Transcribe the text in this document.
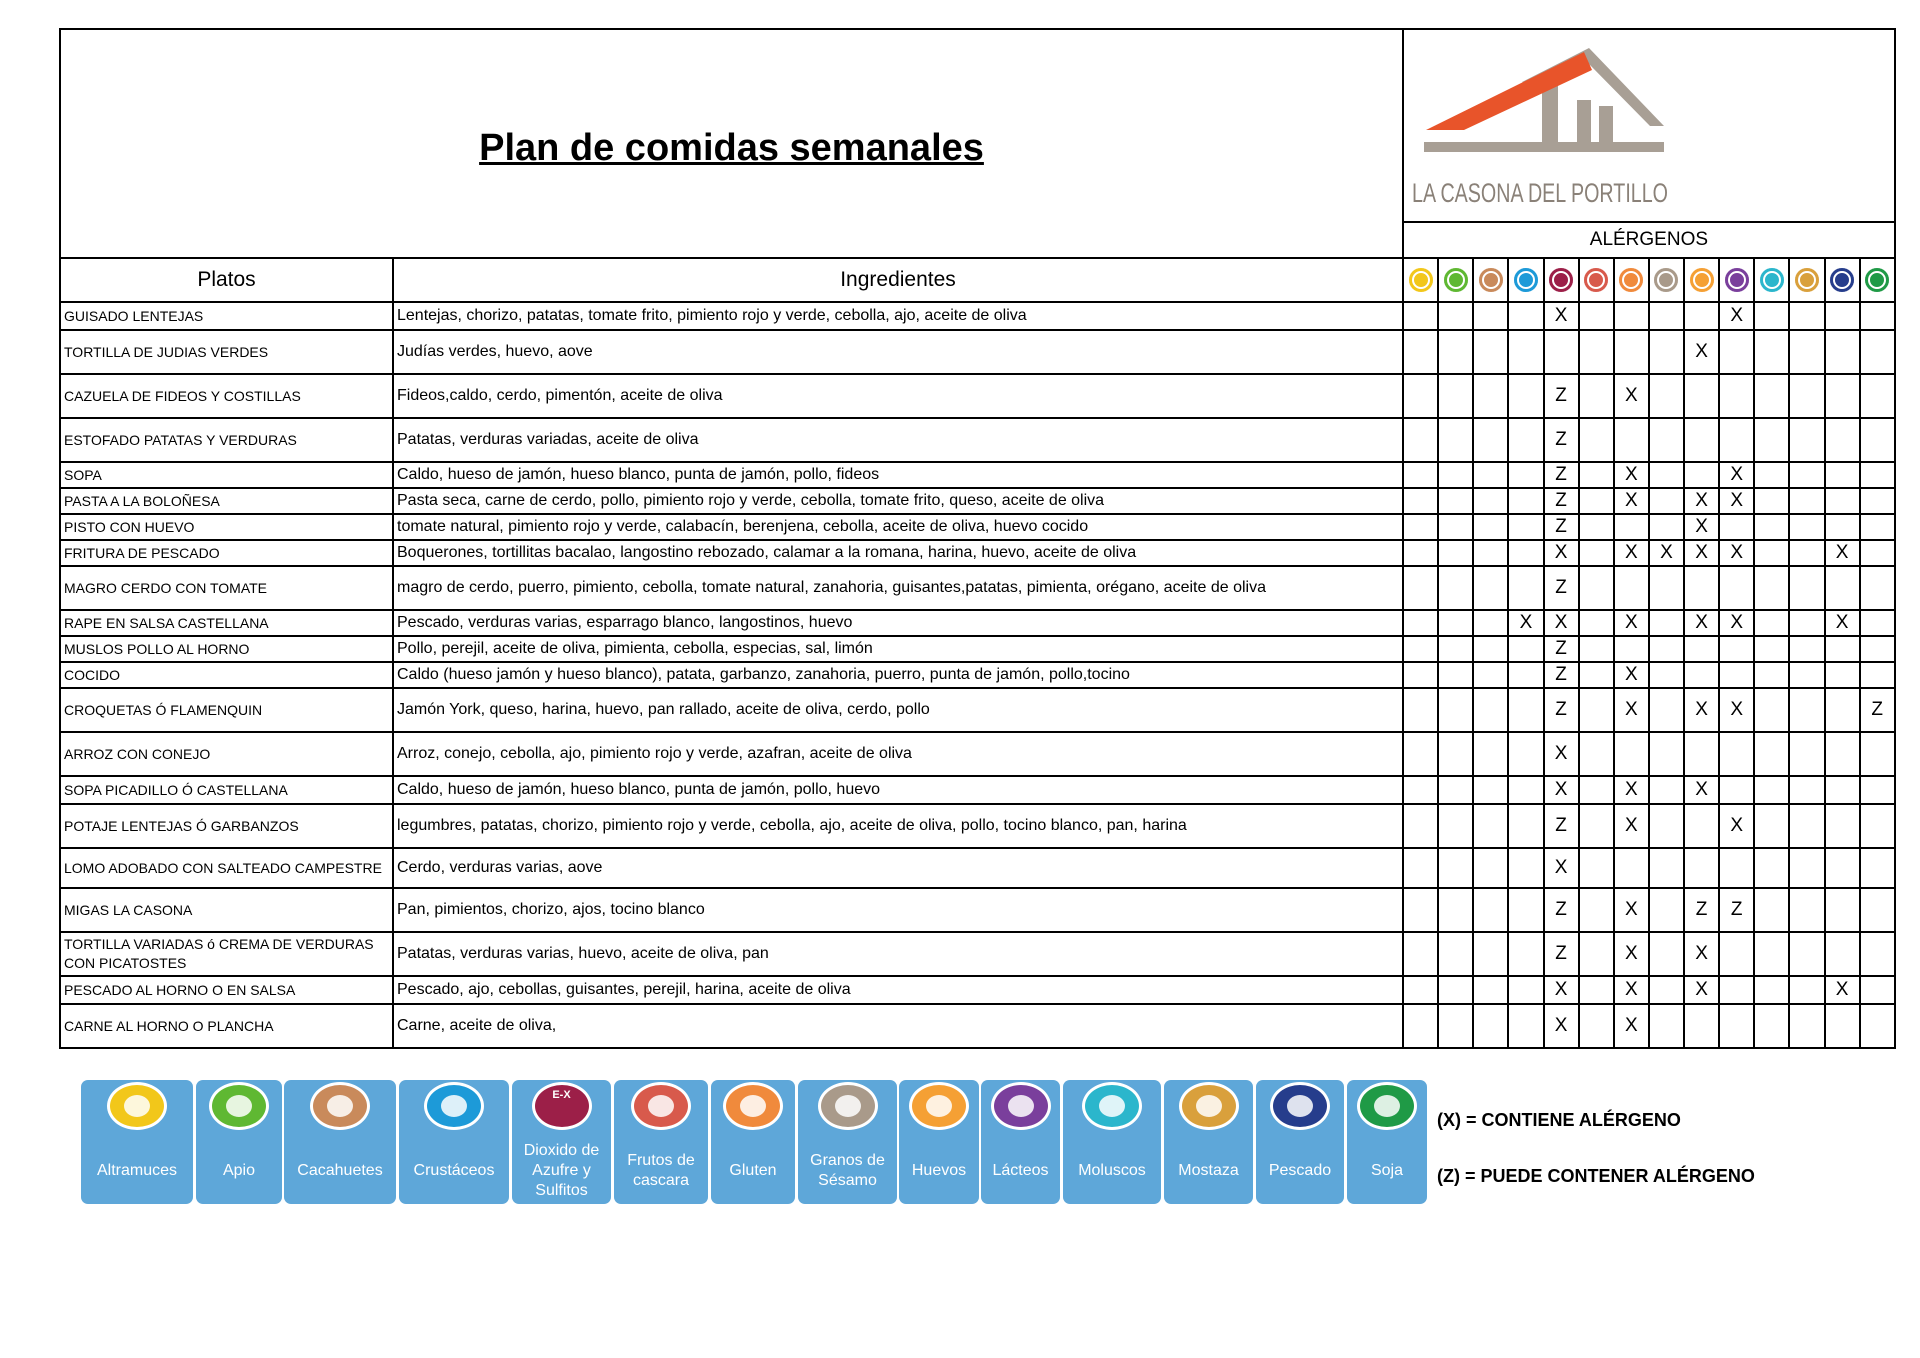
Plan de comidas semanales		LA CASONA DEL PORTILLO													

		ALÉRGENOS													
Platos	Ingredientes	

GUISADO LENTEJAS	Lentejas, chorizo, patatas, tomate frito, pimiento rojo y verde, cebolla, ajo, aceite de oliva					X					X				
TORTILLA DE JUDIAS VERDES	Judías verdes, huevo, aove									X					
CAZUELA DE FIDEOS Y COSTILLAS	Fideos,caldo, cerdo, pimentón, aceite de oliva					Z		X							
ESTOFADO PATATAS Y VERDURAS	Patatas, verduras variadas, aceite de oliva					Z									
SOPA	Caldo, hueso de jamón, hueso blanco, punta de jamón, pollo, fideos					Z		X			X				
PASTA A LA BOLOÑESA	Pasta seca, carne de cerdo, pollo, pimiento rojo y verde, cebolla, tomate frito, queso, aceite de oliva					Z		X		X	X				
PISTO CON HUEVO	tomate natural, pimiento rojo y verde, calabacín, berenjena, cebolla, aceite de oliva, huevo cocido					Z				X					
FRITURA DE PESCADO	Boquerones, tortillitas bacalao, langostino rebozado, calamar a la romana, harina, huevo, aceite de oliva					X		X	X	X	X			X	
MAGRO CERDO CON TOMATE	magro de cerdo, puerro, pimiento, cebolla, tomate natural, zanahoria, guisantes,patatas, pimienta, orégano, aceite de oliva					Z									
RAPE EN SALSA CASTELLANA	Pescado, verduras varias, esparrago blanco, langostinos, huevo				X	X		X		X	X			X	
MUSLOS POLLO AL HORNO	Pollo, perejil, aceite de oliva, pimienta, cebolla, especias, sal, limón					Z									
COCIDO	Caldo (hueso jamón y hueso blanco), patata, garbanzo, zanahoria, puerro, punta de jamón, pollo,tocino					Z		X							
CROQUETAS Ó FLAMENQUIN	Jamón York, queso, harina, huevo, pan rallado, aceite de oliva, cerdo, pollo					Z		X		X	X				Z
ARROZ CON CONEJO	Arroz, conejo, cebolla, ajo, pimiento rojo y verde, azafran, aceite de oliva					X									
SOPA PICADILLO Ó CASTELLANA	Caldo, hueso de jamón, hueso blanco, punta de jamón, pollo, huevo					X		X		X					
POTAJE LENTEJAS Ó GARBANZOS	legumbres, patatas, chorizo, pimiento rojo y verde, cebolla, ajo, aceite de oliva, pollo, tocino blanco, pan, harina					Z		X			X				
LOMO ADOBADO CON SALTEADO CAMPESTRE	Cerdo, verduras varias, aove					X									
MIGAS LA CASONA	Pan, pimientos, chorizo, ajos, tocino blanco					Z		X		Z	Z				
TORTILLA VARIADAS ó CREMA DE VERDURAS CON PICATOSTES	Patatas, verduras varias, huevo, aceite de oliva, pan					Z		X		X					
PESCADO AL HORNO O EN SALSA	Pescado, ajo, cebollas, guisantes, perejil, harina, aceite de oliva					X		X		X				X	
CARNE AL HORNO O PLANCHA	Carne, aceite de oliva,					X		X							
Altramuces	Apio	Cacahuetes Crustáceos
E-X
Dioxido de Azufre y Sulfitos
Frutos de cascara
Gluten
Granos de Sésamo
Huevos Lácteos Moluscos Mostaza Pescado Soja
(X) = CONTIENE ALÉRGENO
(Z) = PUEDE CONTENER ALÉRGENO
